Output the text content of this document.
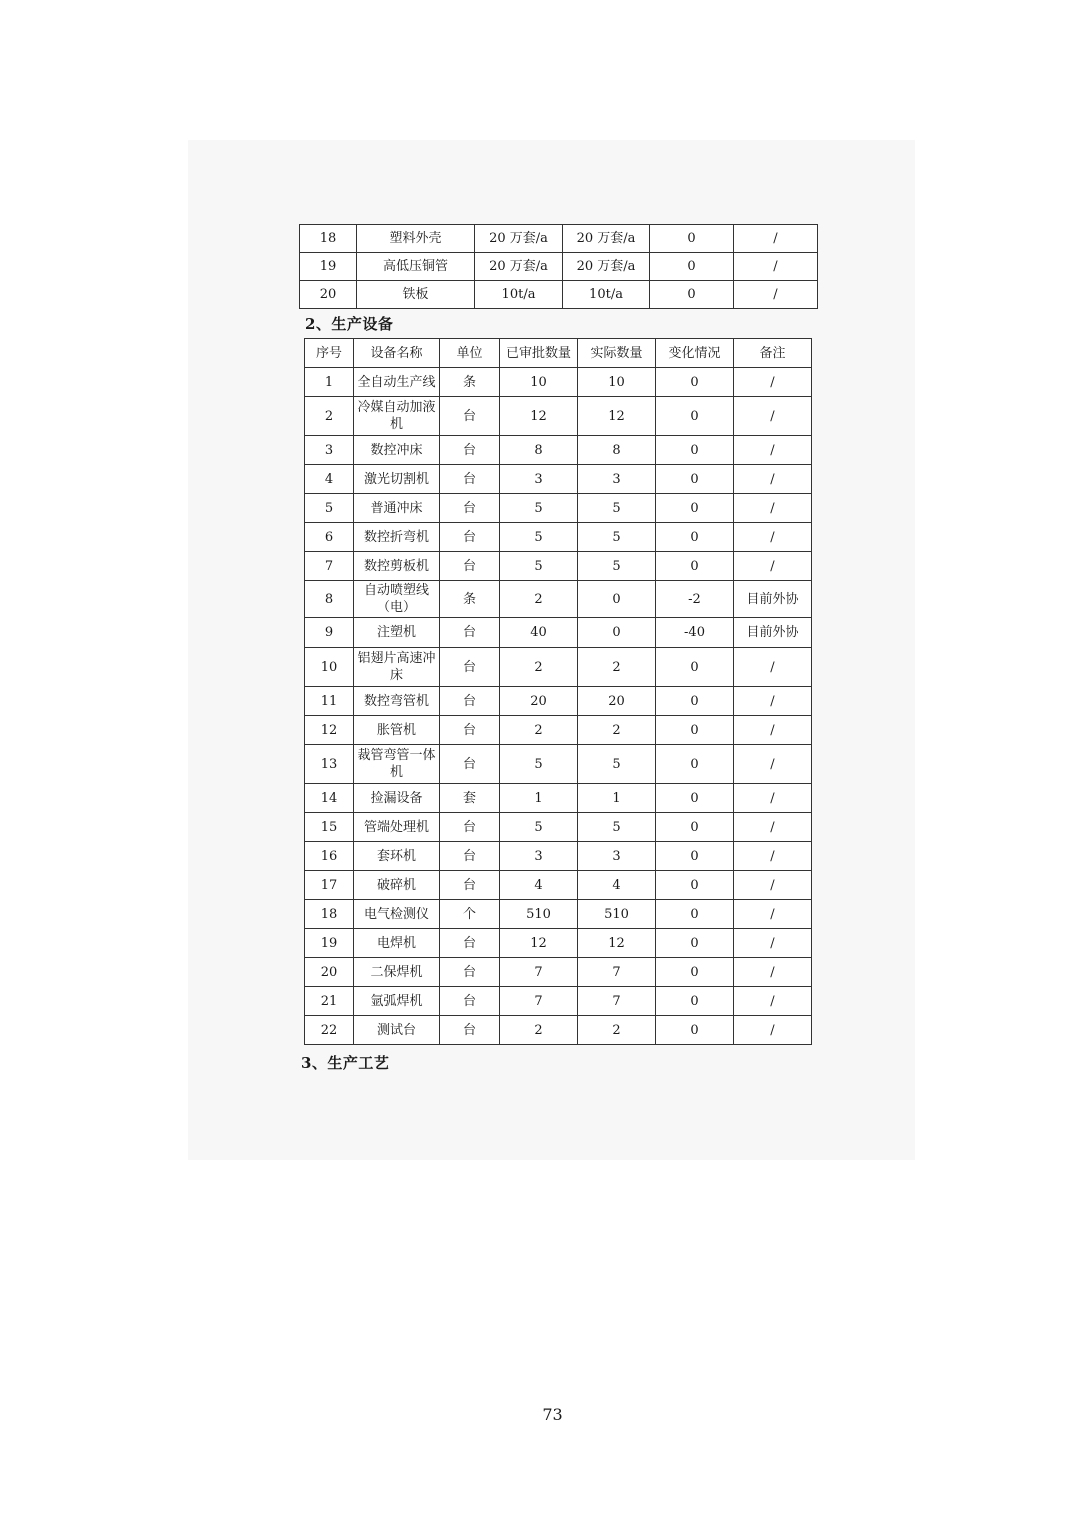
18	塑料外壳	20 万套/a	20 万套/a	0	/
19	高低压铜管	20 万套/a	20 万套/a	0	/
20	铁板	10t/a	10t/a	0	/
2、生产设备
序号	设备名称	单位	已审批数量	实际数量	变化情况	备注
1	全自动生产线	条	10	10	0	/
2	冷媒自动加液机	台	12	12	0	/
3	数控冲床	台	8	8	0	/
4	激光切割机	台	3	3	0	/
5	普通冲床	台	5	5	0	/
6	数控折弯机	台	5	5	0	/
7	数控剪板机	台	5	5	0	/
8	自动喷塑线（电）	条	2	0	-2	目前外协
9	注塑机	台	40	0	-40	目前外协
10	铝翅片高速冲床	台	2	2	0	/
11	数控弯管机	台	20	20	0	/
12	胀管机	台	2	2	0	/
13	裁管弯管一体机	台	5	5	0	/
14	捡漏设备	套	1	1	0	/
15	管端处理机	台	5	5	0	/
16	套环机	台	3	3	0	/
17	破碎机	台	4	4	0	/
18	电气检测仪	个	510	510	0	/
19	电焊机	台	12	12	0	/
20	二保焊机	台	7	7	0	/
21	氩弧焊机	台	7	7	0	/
22	测试台	台	2	2	0	/
3、生产工艺
73
